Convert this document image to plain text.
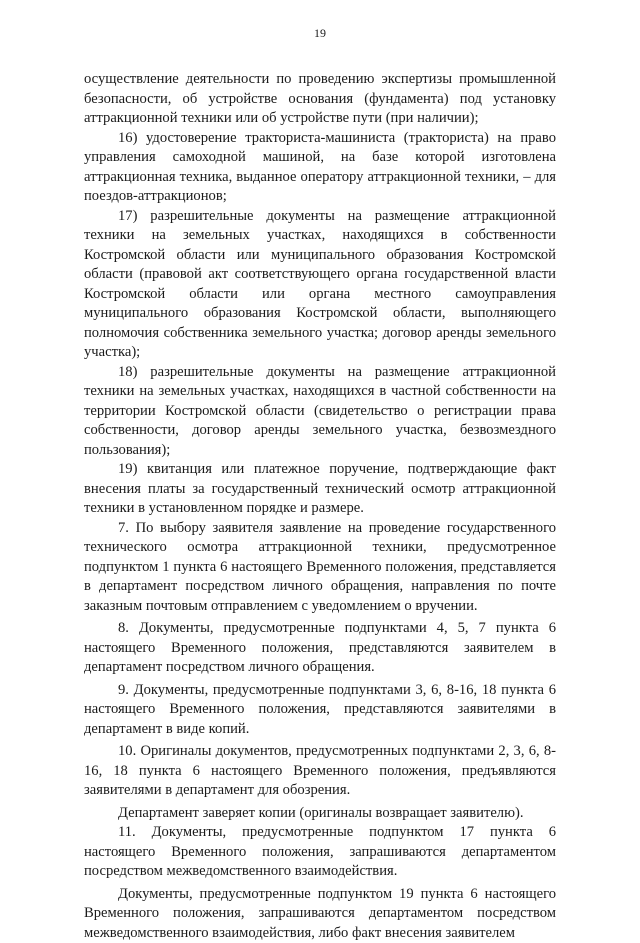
19

осуществление деятельности по проведению экспертизы промышленной безопасности, об устройстве основания (фундамента) под установку аттракционной техники или об устройстве пути (при наличии);

16) удостоверение тракториста-машиниста (тракториста) на право управления самоходной машиной, на базе которой изготовлена аттракционная техника, выданное оператору аттракционной техники, – для поездов-аттракционов;

17) разрешительные документы на размещение аттракционной техники на земельных участках, находящихся в собственности Костромской области или муниципального образования Костромской области (правовой акт соответствующего органа государственной власти Костромской области или органа местного самоуправления муниципального образования Костромской области, выполняющего полномочия собственника земельного участка; договор аренды земельного участка);

18) разрешительные документы на размещение аттракционной техники на земельных участках, находящихся в частной собственности на территории Костромской области (свидетельство о регистрации права собственности, договор аренды земельного участка, безвозмездного пользования);

19) квитанция или платежное поручение, подтверждающие факт внесения платы за государственный технический осмотр аттракционной техники в установленном порядке и размере.

7. По выбору заявителя заявление на проведение государственного технического осмотра аттракционной техники, предусмотренное подпунктом 1 пункта 6 настоящего Временного положения, представляется в департамент посредством личного обращения, направления по почте заказным почтовым отправлением с уведомлением о вручении.

8. Документы, предусмотренные подпунктами 4, 5, 7 пункта 6 настоящего Временного положения, представляются заявителем в департамент посредством личного обращения.

9. Документы, предусмотренные подпунктами 3, 6, 8-16, 18 пункта 6 настоящего Временного положения, представляются заявителями в департамент в виде копий.

10. Оригиналы документов, предусмотренных подпунктами 2, 3, 6, 8-16, 18 пункта 6 настоящего Временного положения, предъявляются заявителями в департамент для обозрения.

Департамент заверяет копии (оригиналы возвращает заявителю).

11. Документы, предусмотренные подпунктом 17 пункта 6 настоящего Временного положения, запрашиваются департаментом посредством межведомственного взаимодействия.

Документы, предусмотренные подпунктом 19 пункта 6 настоящего Временного положения, запрашиваются департаментом посредством межведомственного взаимодействия, либо факт внесения заявителем
